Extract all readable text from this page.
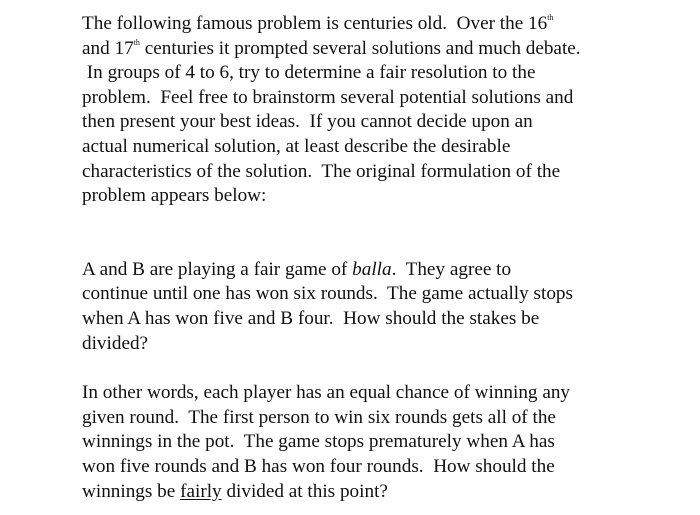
The following famous problem is centuries old.  Over the 16th
and 17th centuries it prompted several solutions and much debate.
In groups of 4 to 6, try to determine a fair resolution to the
problem.  Feel free to brainstorm several potential solutions and
then present your best ideas.  If you cannot decide upon an
actual numerical solution, at least describe the desirable
characteristics of the solution.  The original formulation of the
problem appears below:

A and B are playing a fair game of balla.  They agree to
continue until one has won six rounds.  The game actually stops
when A has won five and B four.  How should the stakes be
divided?

In other words, each player has an equal chance of winning any
given round.  The first person to win six rounds gets all of the
winnings in the pot.  The game stops prematurely when A has
won five rounds and B has won four rounds.  How should the
winnings be fairly divided at this point?
